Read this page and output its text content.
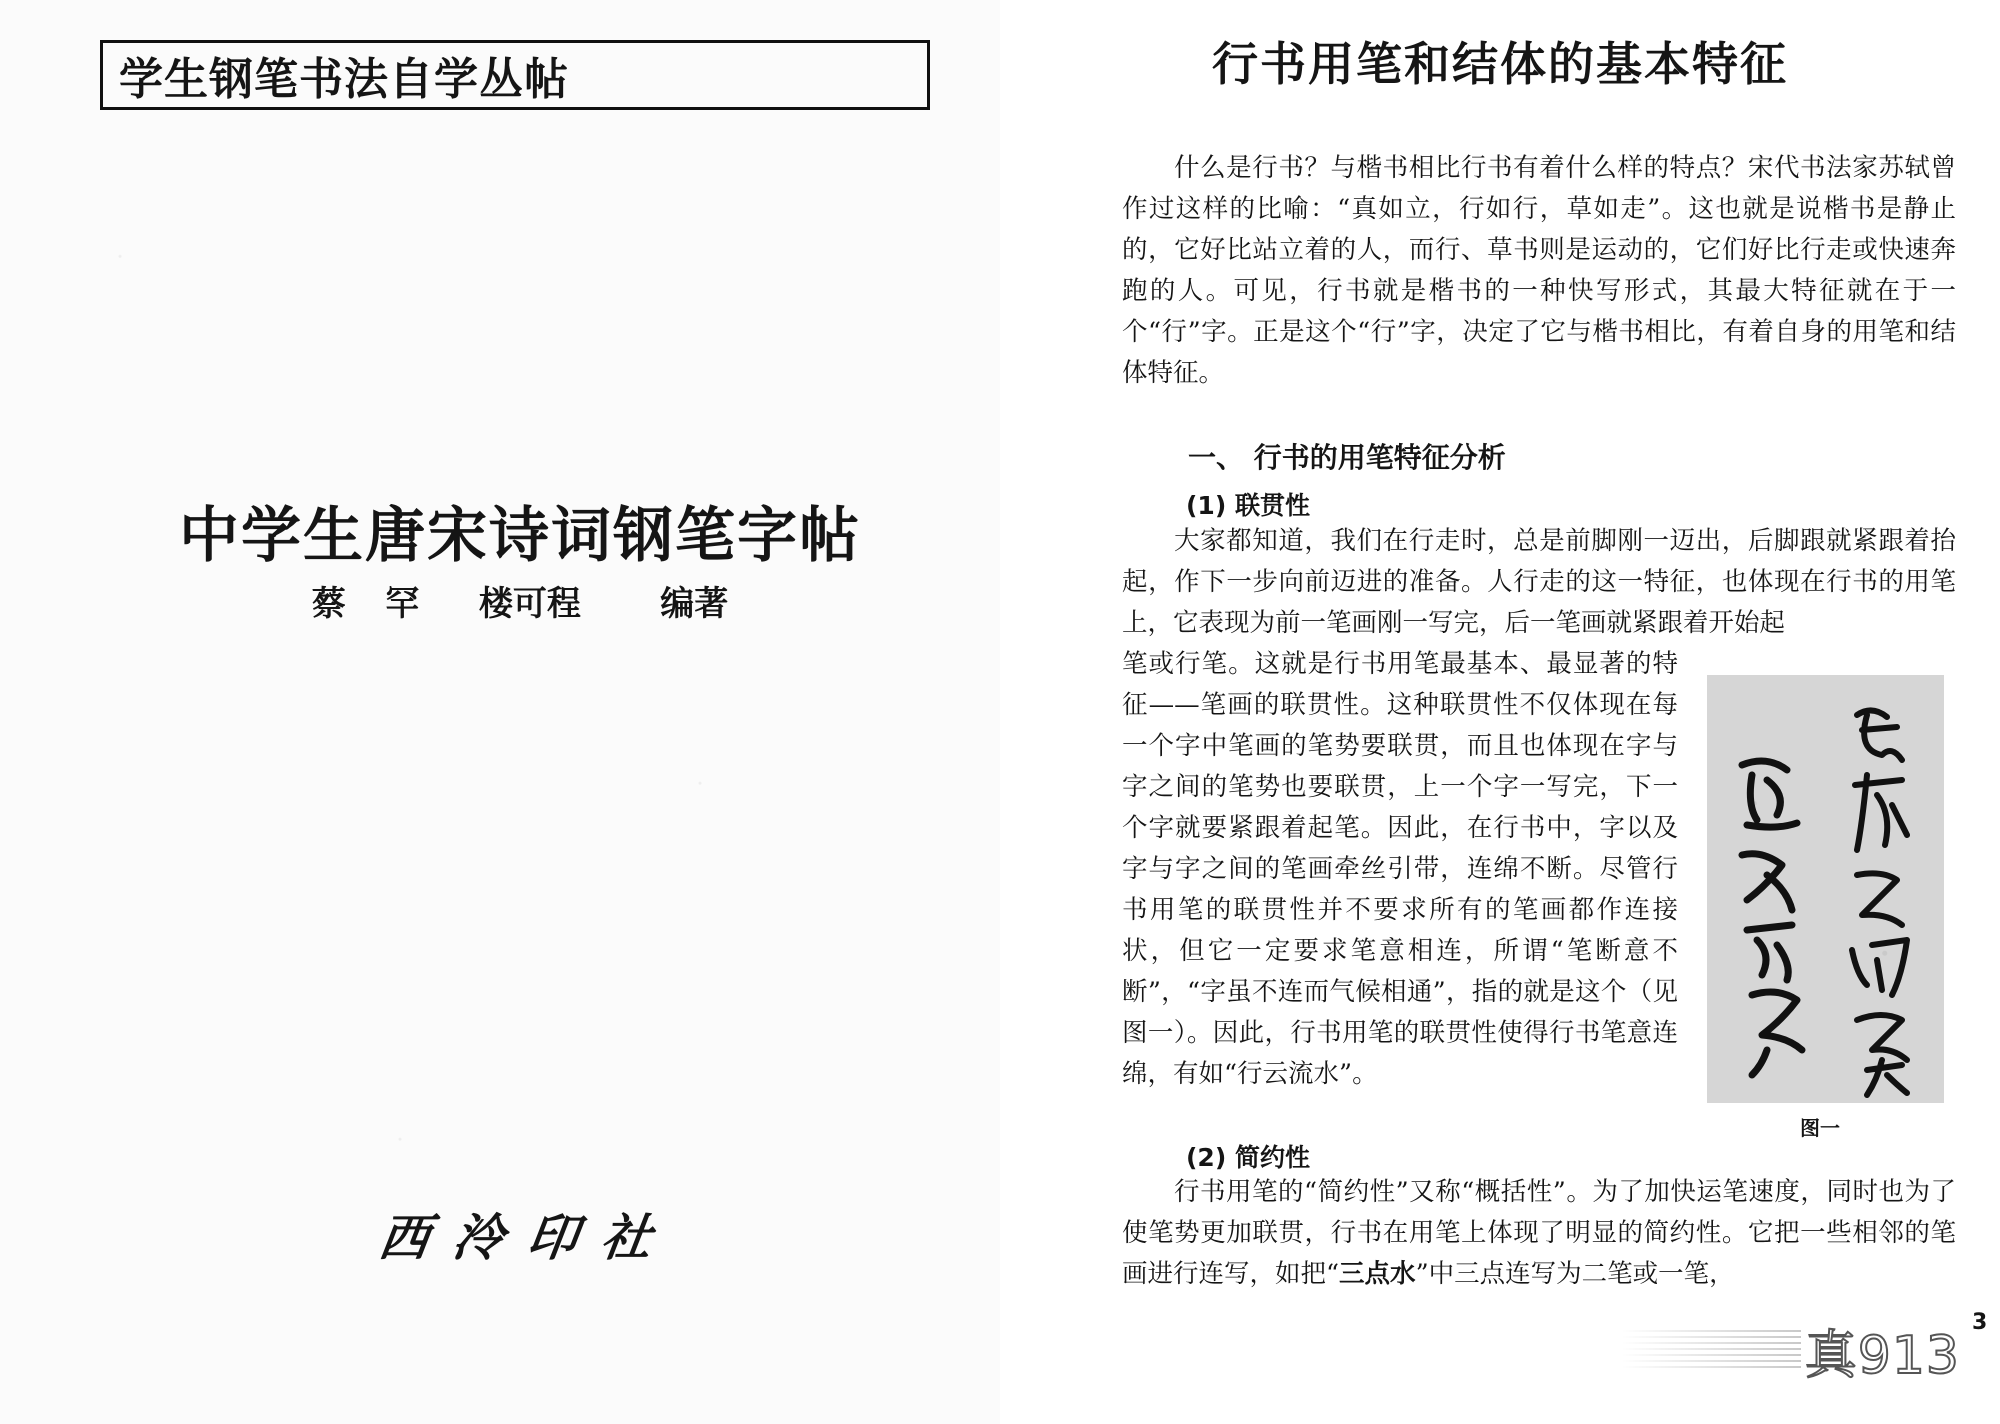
学生钢笔书法自学丛帖
中学生唐宋诗词钢笔字帖
蔡  罕   楼可程    编著
西泠印社
行书用笔和结体的基本特征

什么是行书？与楷书相比行书有着什么样的特点？宋代书法家苏轼曾作过这样的比喻：“真如立，行如行，草如走”。这也就是说楷书是静止的，它好比站立着的人，而行、草书则是运动的，它们好比行走或快速奔跑的人。可见，行书就是楷书的一种快写形式，其最大特征就在于一个“行”字。正是这个“行”字，决定了它与楷书相比，有着自身的用笔和结体特征。

一、 行书的用笔特征分析
(1) 联贯性

大家都知道，我们在行走时，总是前脚刚一迈出，后脚跟就紧跟着抬起，作下一步向前迈进的准备。人行走的这一特征，也体现在行书的用笔上，它表现为前一笔画刚一写完，后一笔画就紧跟着开始起

笔或行笔。这就是行书用笔最基本、最显著的特征——笔画的联贯性。这种联贯性不仅体现在每一个字中笔画的笔势要联贯，而且也体现在字与字之间的笔势也要联贯，上一个字一写完，下一个字就要紧跟着起笔。因此，在行书中，字以及字与字之间的笔画牵丝引带，连绵不断。尽管行书用笔的联贯性并不要求所有的笔画都作连接状，但它一定要求笔意相连，所谓“笔断意不断”，“字虽不连而气候相通”，指的就是这个（见图一）。因此，行书用笔的联贯性使得行书笔意连绵，有如“行云流水”。

图一
(2) 简约性

行书用笔的“简约性”又称“概括性”。为了加快运笔速度，同时也为了使笔势更加联贯，行书在用笔上体现了明显的简约性。它把一些相邻的笔画进行连写，如把“三点水”中三点连写为二笔或一笔，

真913
3
